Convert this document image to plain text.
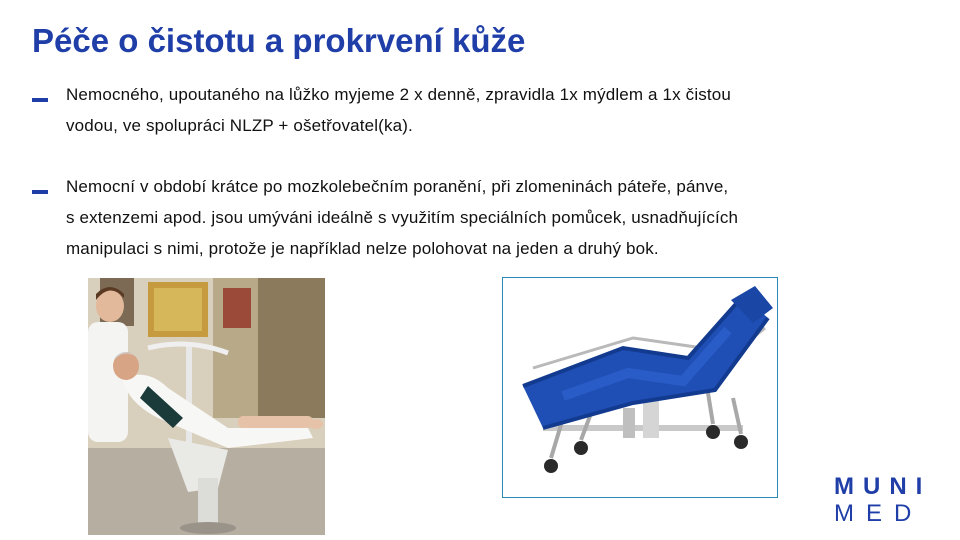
Péče o čistotu a prokrvení kůže
Nemocného, upoutaného na lůžko myjeme 2 x denně, zpravidla 1x mýdlem a 1x čistou
vodou, ve spolupráci NLZP + ošetřovatel(ka).
Nemocní v období krátce po mozkolebečním poranění, při zlomeninách páteře, pánve,
s extenzemi apod. jsou umýváni ideálně s využitím speciálních pomůcek, usnadňujících
manipulaci s nimi, protože je například nelze polohovat na jeden a druhý bok.
MUNI
MED
